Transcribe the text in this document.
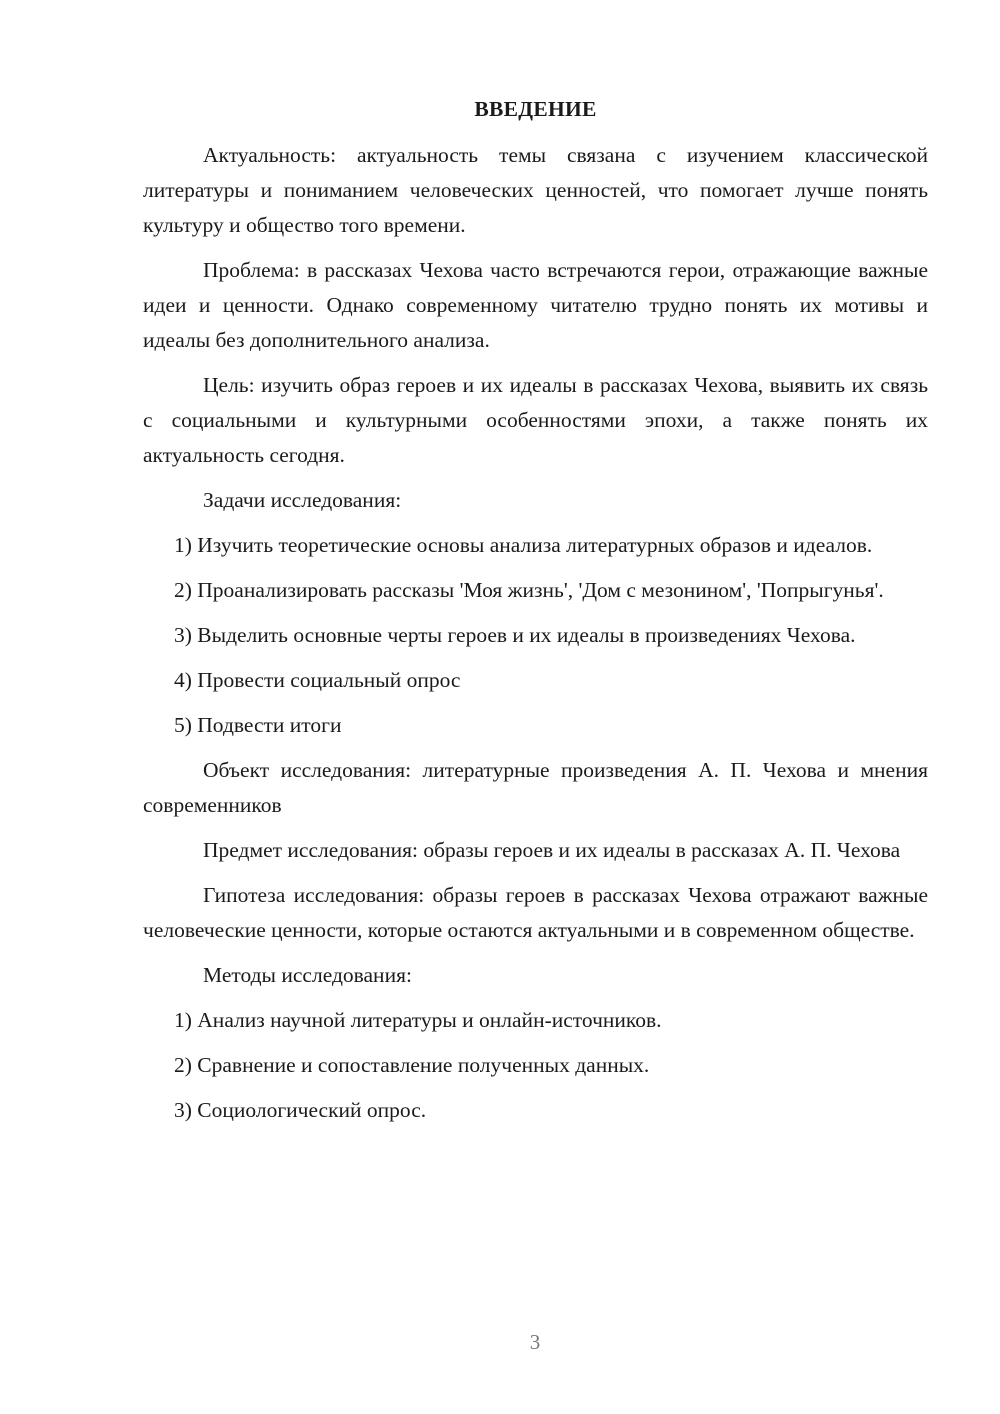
ВВЕДЕНИЕ

Актуальность: актуальность темы связана с изучением классической литературы и пониманием человеческих ценностей, что помогает лучше понять культуру и общество того времени.

Проблема: в рассказах Чехова часто встречаются герои, отражающие важные идеи и ценности. Однако современному читателю трудно понять их мотивы и идеалы без дополнительного анализа.

Цель: изучить образ героев и их идеалы в рассказах Чехова, выявить их связь с социальными и культурными особенностями эпохи, а также понять их актуальность сегодня.

Задачи исследования:

1) Изучить теоретические основы анализа литературных образов и идеалов.

2) Проанализировать рассказы 'Моя жизнь', 'Дом с мезонином', 'Попрыгунья'.

3) Выделить основные черты героев и их идеалы в произведениях Чехова.

4) Провести социальный опрос

5) Подвести итоги

Объект исследования: литературные произведения А. П. Чехова и мнения современников

Предмет исследования: образы героев и их идеалы в рассказах А. П. Чехова

Гипотеза исследования: образы героев в рассказах Чехова отражают важные человеческие ценности, которые остаются актуальными и в современном обществе.

Методы исследования:

1) Анализ научной литературы и онлайн-источников.

2) Сравнение и сопоставление полученных данных.

3) Социологический опрос.

3
